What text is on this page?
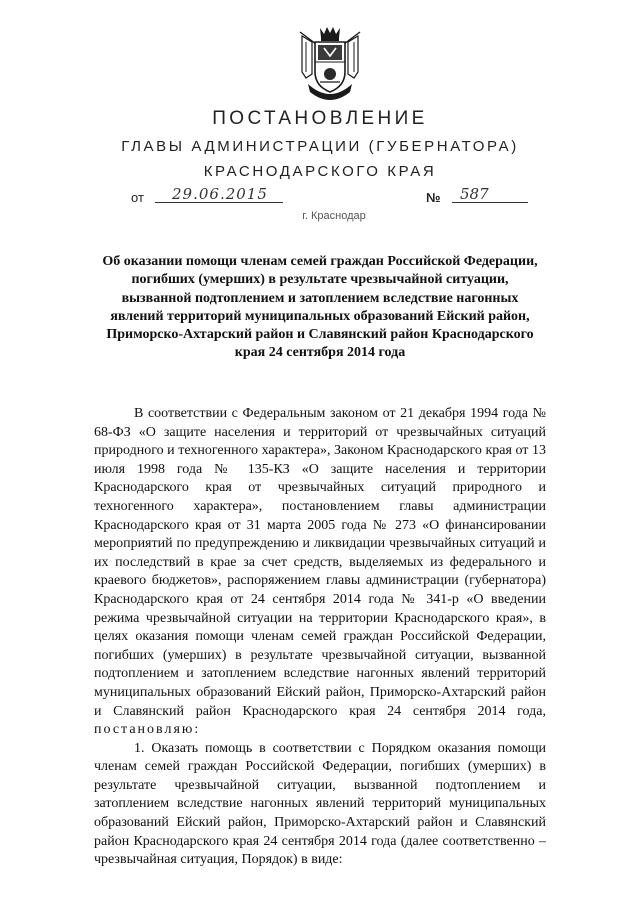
ПОСТАНОВЛЕНИЕ
ГЛАВЫ АДМИНИСТРАЦИИ (ГУБЕРНАТОРА)
КРАСНОДАРСКОГО КРАЯ
от 29.06.2015	№ 587
г. Краснодар
Об оказании помощи членам семей граждан Российской Федерации, погибших (умерших) в результате чрезвычайной ситуации, вызванной подтоплением и затоплением вследствие нагонных явлений территорий муниципальных образований Ейский район, Приморско-Ахтарский район и Славянский район Краснодарского края 24 сентября 2014 года

В соответствии с Федеральным законом от 21 декабря 1994 года № 68-ФЗ «О защите населения и территорий от чрезвычайных ситуаций природного и техногенного характера», Законом Краснодарского края от 13 июля 1998 года № 135-КЗ «О защите населения и территории Краснодарского края от чрезвычайных ситуаций природного и техногенного характера», постановлением главы администрации Краснодарского края от 31 марта 2005 года № 273 «О финансировании мероприятий по предупреждению и ликвидации чрезвычайных ситуаций и их последствий в крае за счет средств, выделяемых из федерального и краевого бюджетов», распоряжением главы администрации (губернатора) Краснодарского края от 24 сентября 2014 года № 341-р «О введении режима чрезвычайной ситуации на территории Краснодарского края», в целях оказания помощи членам семей граждан Российской Федерации, погибших (умерших) в результате чрезвычайной ситуации, вызванной подтоплением и затоплением вследствие нагонных явлений территорий муниципальных образований Ейский район, Приморско-Ахтарский район и Славянский район Краснодарского края 24 сентября 2014 года, постановляю:

1. Оказать помощь в соответствии с Порядком оказания помощи членам семей граждан Российской Федерации, погибших (умерших) в результате чрезвычайной ситуации, вызванной подтоплением и затоплением вследствие нагонных явлений территорий муниципальных образований Ейский район, Приморско-Ахтарский район и Славянский район Краснодарского края 24 сентября 2014 года (далее соответственно – чрезвычайная ситуация, Порядок) в виде:
